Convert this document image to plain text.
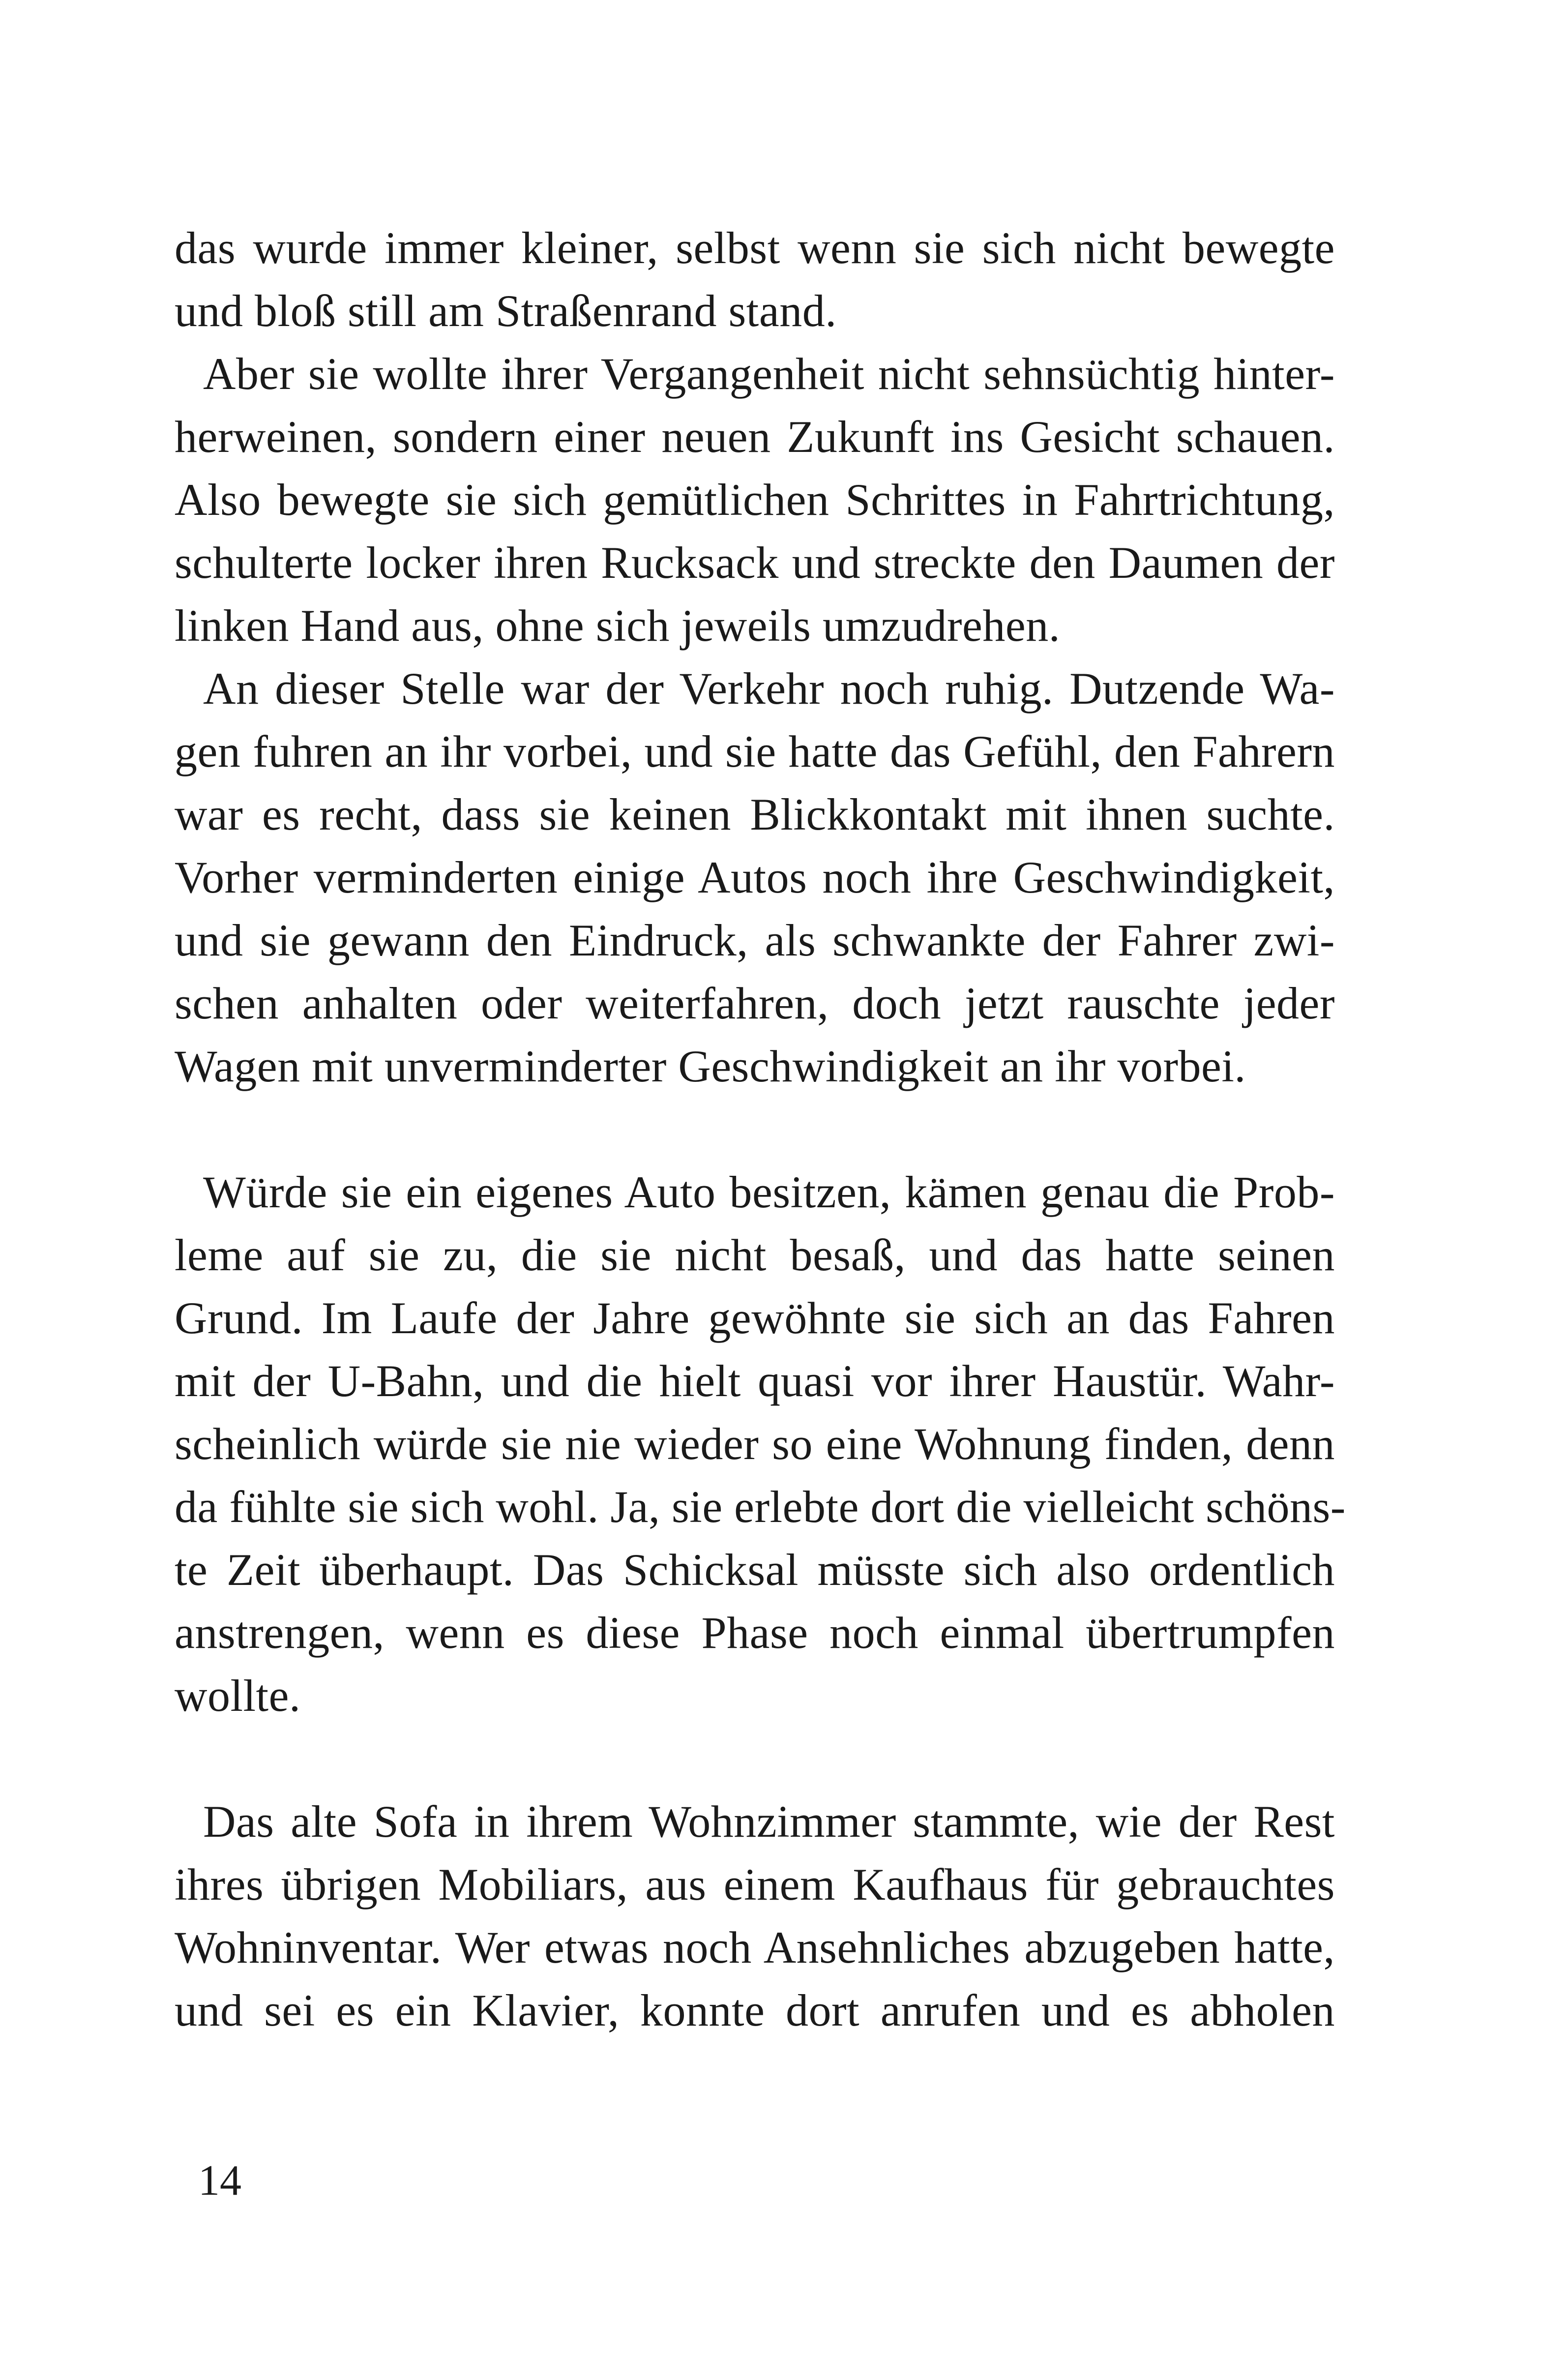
das wurde immer kleiner, selbst wenn sie sich nicht bewegte
und bloß still am Straßenrand stand.
Aber sie wollte ihrer Vergangenheit nicht sehnsüchtig hinter-
herweinen, sondern einer neuen Zukunft ins Gesicht schauen.
Also bewegte sie sich gemütlichen Schrittes in Fahrtrichtung,
schulterte locker ihren Rucksack und streckte den Daumen der
linken Hand aus, ohne sich jeweils umzudrehen.
An dieser Stelle war der Verkehr noch ruhig. Dutzende Wa-
gen fuhren an ihr vorbei, und sie hatte das Gefühl, den Fahrern
war es recht, dass sie keinen Blickkontakt mit ihnen suchte.
Vorher verminderten einige Autos noch ihre Geschwindigkeit,
und sie gewann den Eindruck, als schwankte der Fahrer zwi-
schen anhalten oder weiterfahren, doch jetzt rauschte jeder
Wagen mit unverminderter Geschwindigkeit an ihr vorbei.
Würde sie ein eigenes Auto besitzen, kämen genau die Prob-
leme auf sie zu, die sie nicht besaß, und das hatte seinen
Grund. Im Laufe der Jahre gewöhnte sie sich an das Fahren
mit der U-Bahn, und die hielt quasi vor ihrer Haustür. Wahr-
scheinlich würde sie nie wieder so eine Wohnung finden, denn
da fühlte sie sich wohl. Ja, sie erlebte dort die vielleicht schöns-
te Zeit überhaupt. Das Schicksal müsste sich also ordentlich
anstrengen, wenn es diese Phase noch einmal übertrumpfen
wollte.
Das alte Sofa in ihrem Wohnzimmer stammte, wie der Rest
ihres übrigen Mobiliars, aus einem Kaufhaus für gebrauchtes
Wohninventar. Wer etwas noch Ansehnliches abzugeben hatte,
und sei es ein Klavier, konnte dort anrufen und es abholen
14
